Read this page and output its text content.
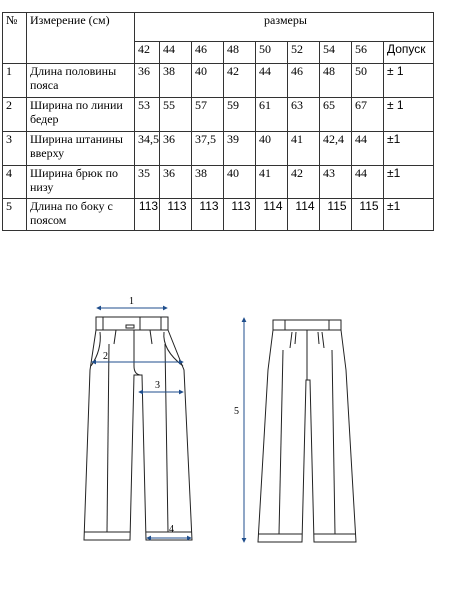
№	Измерение (см)	размеры								
		42	44	46	48	50	52	54	56	Допуск
1	Длина половины пояса	36	38	40	42	44	46	48	50	± 1
2	Ширина по линии бедер	53	55	57	59	61	63	65	67	± 1
3	Ширина штанины вверху	34,5	36	37,5	39	40	41	42,4	44	±1
4	Ширина брюк по низу	35	36	38	40	41	42	43	44	±1
5	Длина по боку с поясом	113	113	113	113	114	114	115	115	±1
1
2
3
4
5
